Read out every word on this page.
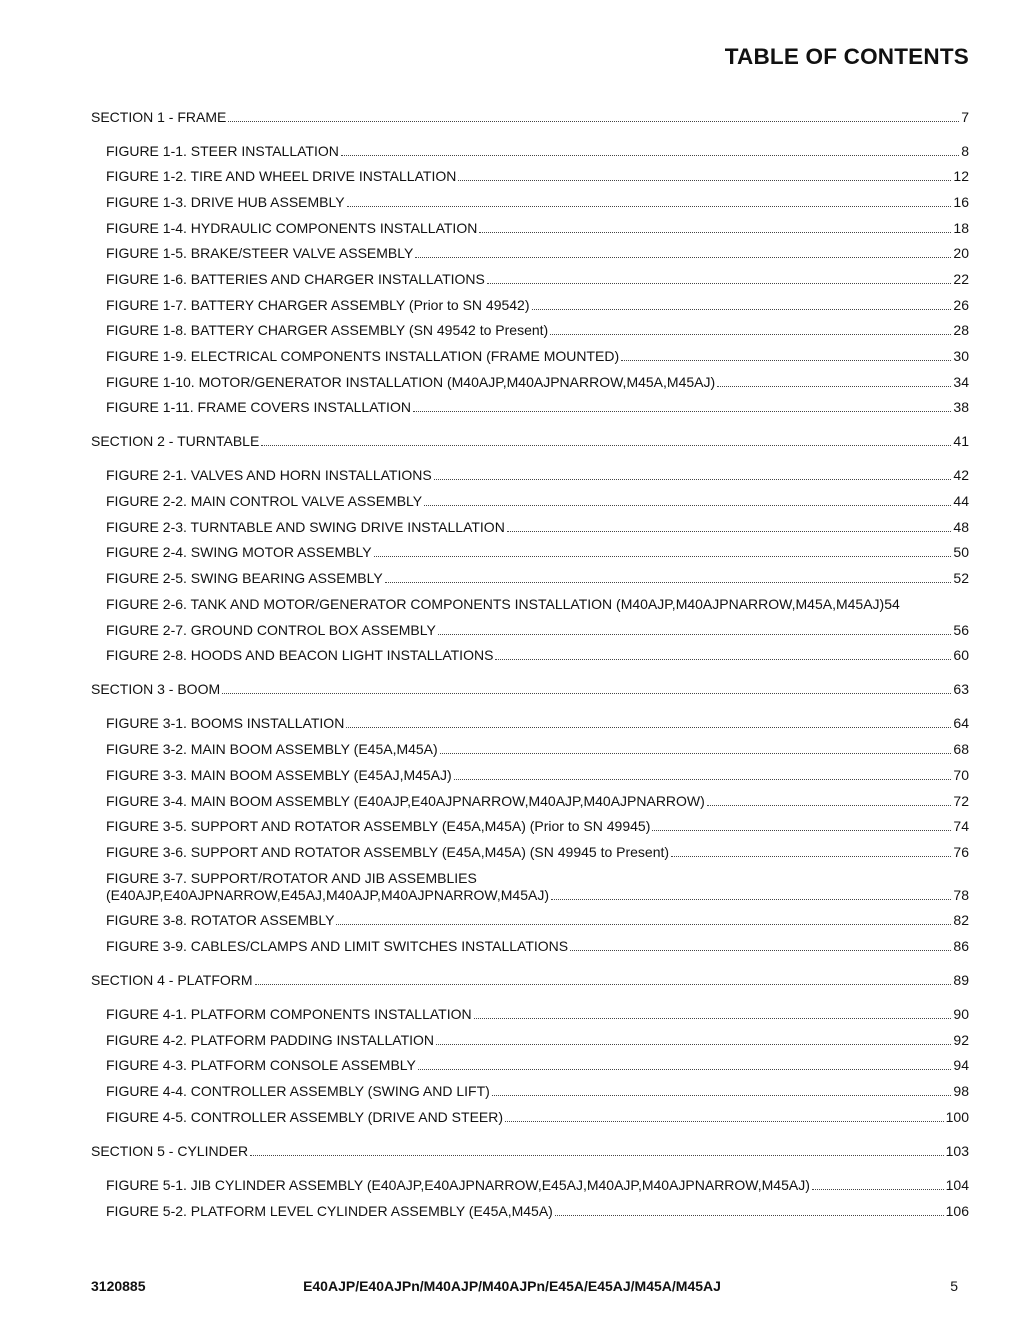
TABLE OF CONTENTS
SECTION 1 - FRAME	7
FIGURE 1-1. STEER INSTALLATION	8
FIGURE 1-2. TIRE AND WHEEL DRIVE INSTALLATION	12
FIGURE 1-3. DRIVE HUB ASSEMBLY	16
FIGURE 1-4. HYDRAULIC COMPONENTS INSTALLATION	18
FIGURE 1-5. BRAKE/STEER VALVE ASSEMBLY	20
FIGURE 1-6. BATTERIES AND CHARGER INSTALLATIONS	22
FIGURE 1-7. BATTERY CHARGER ASSEMBLY (Prior to SN 49542)	26
FIGURE 1-8. BATTERY CHARGER ASSEMBLY (SN 49542 to Present)	28
FIGURE 1-9. ELECTRICAL COMPONENTS INSTALLATION (FRAME MOUNTED)	30
FIGURE 1-10. MOTOR/GENERATOR INSTALLATION (M40AJP,M40AJPNARROW,M45A,M45AJ)	34
FIGURE 1-11. FRAME COVERS INSTALLATION	38
SECTION 2 - TURNTABLE	41
FIGURE 2-1. VALVES AND HORN INSTALLATIONS	42
FIGURE 2-2. MAIN CONTROL VALVE ASSEMBLY	44
FIGURE 2-3. TURNTABLE AND SWING DRIVE INSTALLATION	48
FIGURE 2-4. SWING MOTOR ASSEMBLY	50
FIGURE 2-5. SWING BEARING ASSEMBLY	52
FIGURE 2-6. TANK AND MOTOR/GENERATOR COMPONENTS INSTALLATION (M40AJP,M40AJPNARROW,M45A,M45AJ) 54
FIGURE 2-7. GROUND CONTROL BOX ASSEMBLY	56
FIGURE 2-8. HOODS AND BEACON LIGHT INSTALLATIONS	60
SECTION 3 - BOOM	63
FIGURE 3-1. BOOMS INSTALLATION	64
FIGURE 3-2. MAIN BOOM ASSEMBLY (E45A,M45A)	68
FIGURE 3-3. MAIN BOOM ASSEMBLY (E45AJ,M45AJ)	70
FIGURE 3-4. MAIN BOOM ASSEMBLY (E40AJP,E40AJPNARROW,M40AJP,M40AJPNARROW)	72
FIGURE 3-5. SUPPORT AND ROTATOR ASSEMBLY (E45A,M45A) (Prior to SN 49945)	74
FIGURE 3-6. SUPPORT AND ROTATOR ASSEMBLY (E45A,M45A) (SN 49945 to Present)	76
FIGURE 3-7. SUPPORT/ROTATOR AND JIB ASSEMBLIES
(E40AJP,E40AJPNARROW,E45AJ,M40AJP,M40AJPNARROW,M45AJ)	78
FIGURE 3-8. ROTATOR ASSEMBLY	82
FIGURE 3-9. CABLES/CLAMPS AND LIMIT SWITCHES INSTALLATIONS	86
SECTION 4 - PLATFORM	89
FIGURE 4-1. PLATFORM COMPONENTS INSTALLATION	90
FIGURE 4-2. PLATFORM PADDING INSTALLATION	92
FIGURE 4-3. PLATFORM CONSOLE ASSEMBLY	94
FIGURE 4-4. CONTROLLER ASSEMBLY (SWING AND LIFT)	98
FIGURE 4-5. CONTROLLER ASSEMBLY (DRIVE AND STEER)	100
SECTION 5 - CYLINDER	103
FIGURE 5-1. JIB CYLINDER ASSEMBLY (E40AJP,E40AJPNARROW,E45AJ,M40AJP,M40AJPNARROW,M45AJ)	104
FIGURE 5-2. PLATFORM LEVEL CYLINDER ASSEMBLY (E45A,M45A)	106
3120885	E40AJP/E40AJPn/M40AJP/M40AJPn/E45A/E45AJ/M45A/M45AJ	5
